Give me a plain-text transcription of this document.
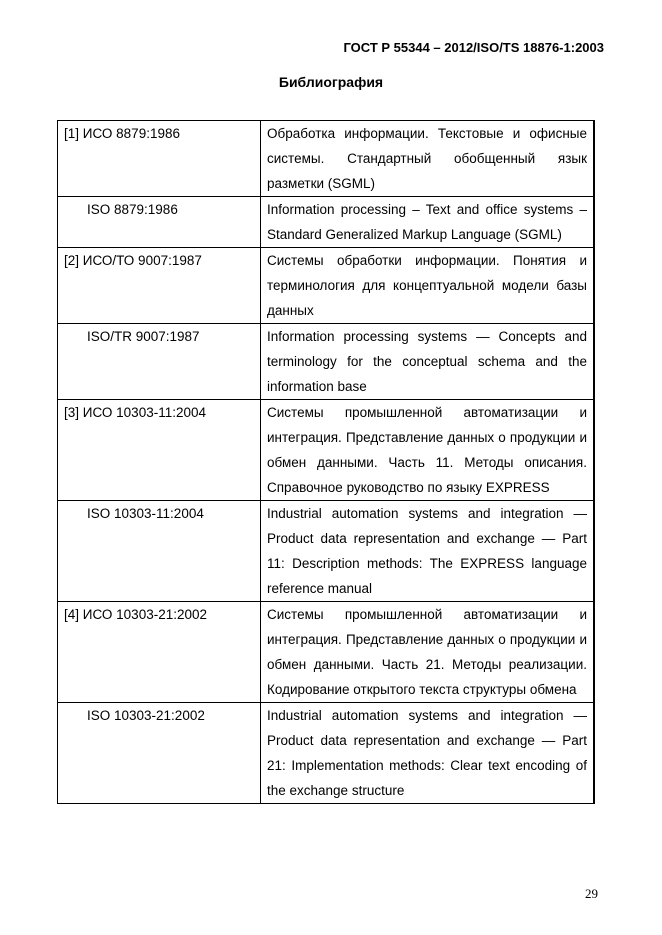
ГОСТ Р 55344 – 2012/ISO/TS 18876-1:2003
Библиография
[1] ИСО 8879:1986	Обработка информации. Текстовые и офисные системы. Стандартный обобщенный язык разметки (SGML)

ISO 8879:1986	Information processing – Text and office systems – Standard Generalized Markup Language (SGML)

[2] ИСО/ТО 9007:1987	Системы обработки информации. Понятия и терминология для концептуальной модели базы данных

ISO/TR 9007:1987	Information processing systems — Concepts and terminology for the conceptual schema and the information base

[3] ИСО 10303-11:2004	Системы промышленной автоматизации и интеграция. Представление данных о продукции и обмен данными. Часть 11. Методы описания. Справочное руководство по языку EXPRESS

ISO 10303-11:2004	Industrial automation systems and integration — Product data representation and exchange — Part 11: Description methods: The EXPRESS language reference manual

[4] ИСО 10303-21:2002	Системы промышленной автоматизации и интеграция. Представление данных о продукции и обмен данными. Часть 21. Методы реализации. Кодирование открытого текста структуры обмена

ISO 10303-21:2002	Industrial automation systems and integration — Product data representation and exchange — Part 21: Implementation methods: Clear text encoding of the exchange structure
29
